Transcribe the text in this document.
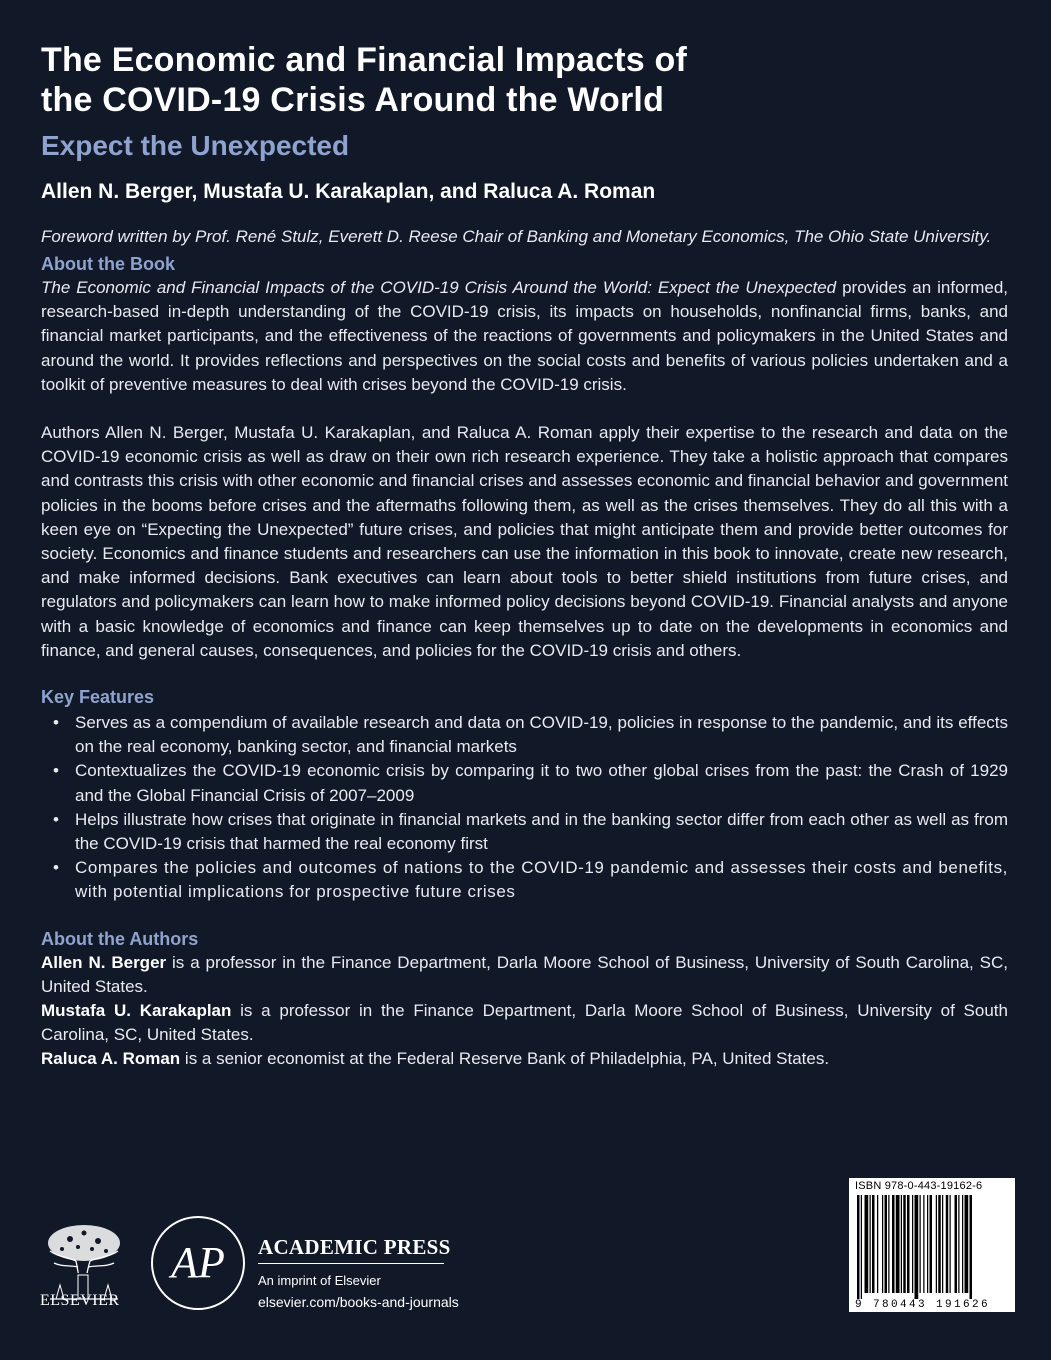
The Economic and Financial Impacts of
the COVID-19 Crisis Around the World
Expect the Unexpected
Allen N. Berger, Mustafa U. Karakaplan, and Raluca A. Roman
Foreword written by Prof. René Stulz, Everett D. Reese Chair of Banking and Monetary Economics, The Ohio State University.
About the Book

The Economic and Financial Impacts of the COVID-19 Crisis Around the World: Expect the Unexpected provides an informed, research-based in-depth understanding of the COVID-19 crisis, its impacts on households, nonfinancial firms, banks, and financial market participants, and the effectiveness of the reactions of governments and policymakers in the United States and around the world. It provides reflections and perspectives on the social costs and benefits of various policies undertaken and a toolkit of preventive measures to deal with crises beyond the COVID-19 crisis.

Authors Allen N. Berger, Mustafa U. Karakaplan, and Raluca A. Roman apply their expertise to the research and data on the COVID-19 economic crisis as well as draw on their own rich research experience. They take a holistic approach that compares and contrasts this crisis with other economic and financial crises and assesses economic and financial behavior and government policies in the booms before crises and the aftermaths following them, as well as the crises themselves. They do all this with a keen eye on “Expecting the Unexpected” future crises, and policies that might anticipate them and provide better outcomes for society. Economics and finance students and researchers can use the information in this book to innovate, create new research, and make informed decisions. Bank executives can learn about tools to better shield institutions from future crises, and regulators and policymakers can learn how to make informed policy decisions beyond COVID-19. Financial analysts and anyone with a basic knowledge of economics and finance can keep themselves up to date on the developments in economics and finance, and general causes, consequences, and policies for the COVID-19 crisis and others.

Key Features
• Serves as a compendium of available research and data on COVID-19, policies in response to the pandemic, and its effects on the real economy, banking sector, and financial markets
• Contextualizes the COVID-19 economic crisis by comparing it to two other global crises from the past: the Crash of 1929 and the Global Financial Crisis of 2007–2009
• Helps illustrate how crises that originate in financial markets and in the banking sector differ from each other as well as from the COVID-19 crisis that harmed the real economy first
• Compares the policies and outcomes of nations to the COVID-19 pandemic and assesses their costs and benefits, with potential implications for prospective future crises
About the Authors

Allen N. Berger is a professor in the Finance Department, Darla Moore School of Business, University of South Carolina, SC, United States.

Mustafa U. Karakaplan is a professor in the Finance Department, Darla Moore School of Business, University of South Carolina, SC, United States.

Raluca A. Roman is a senior economist at the Federal Reserve Bank of Philadelphia, PA, United States.

ELSEVIER
AP ACADEMIC PRESS
An imprint of Elsevier
elsevier.com/books-and-journals
ISBN 978-0-443-19162-6
9 780443 191626
